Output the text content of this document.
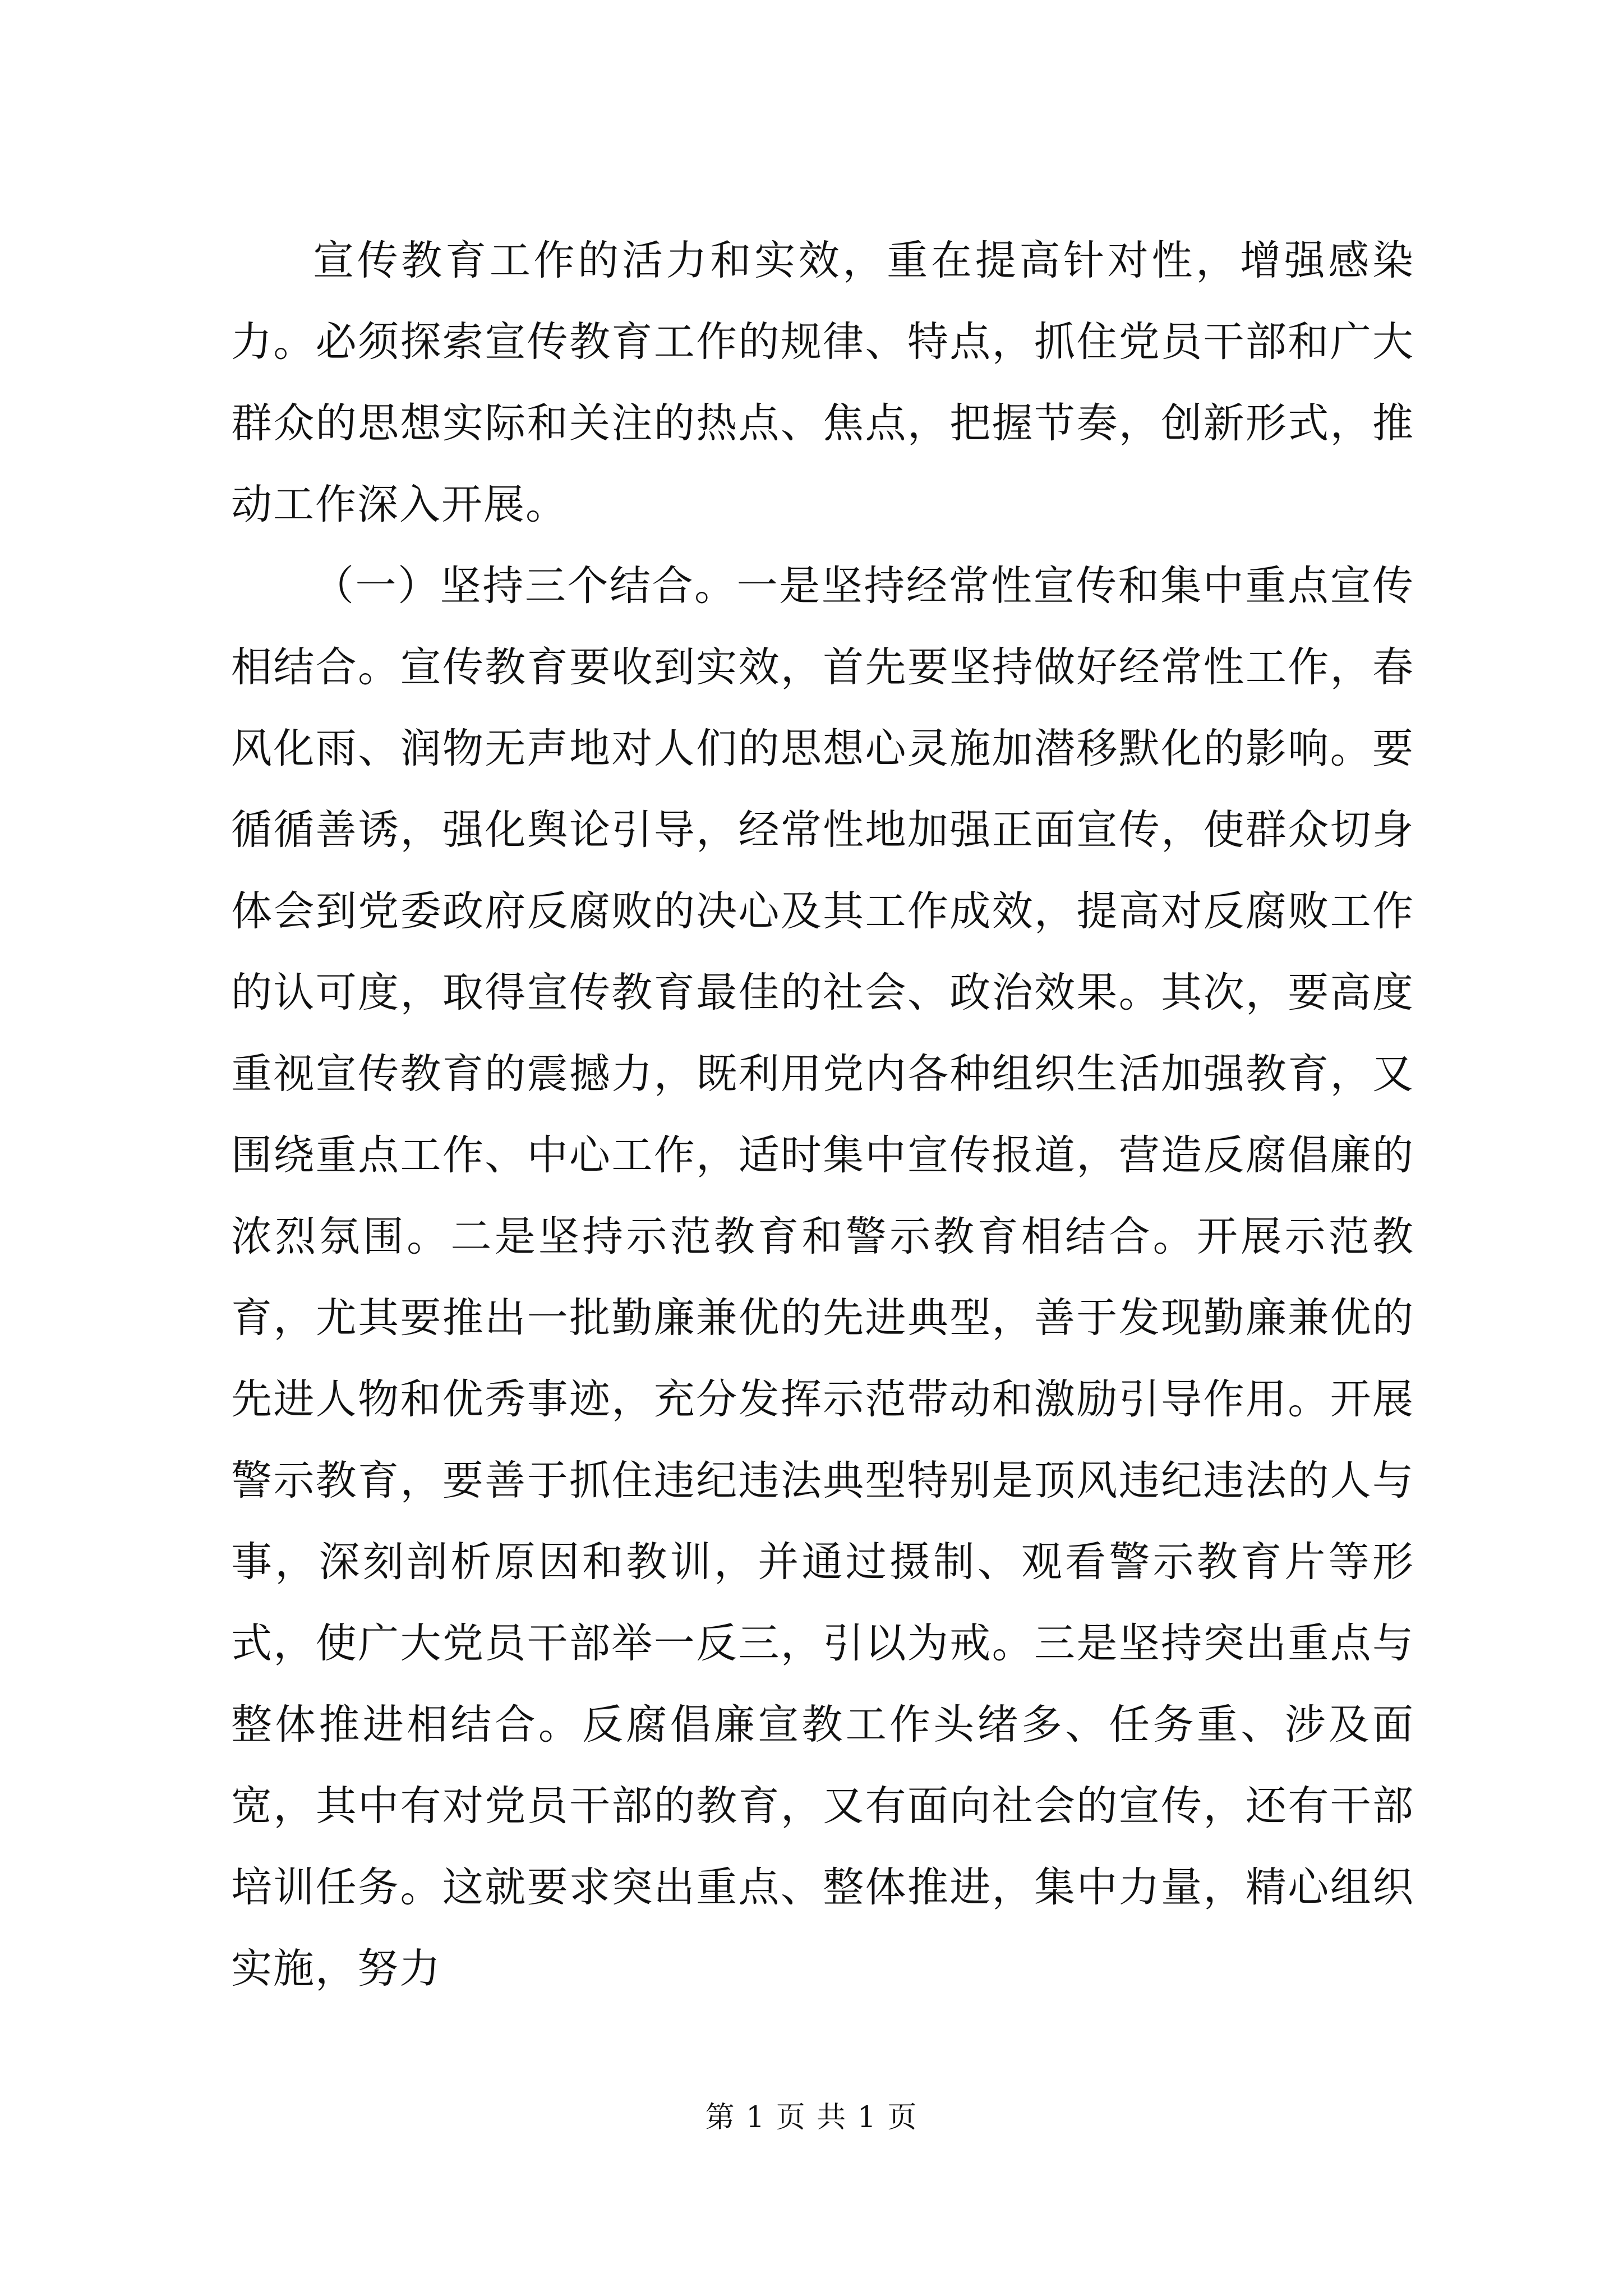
宣传教育工作的活力和实效，重在提高针对性，增强感染力。必须探索宣传教育工作的规律、特点，抓住党员干部和广大群众的思想实际和关注的热点、焦点，把握节奏，创新形式，推动工作深入开展。

（一）坚持三个结合。一是坚持经常性宣传和集中重点宣传相结合。宣传教育要收到实效，首先要坚持做好经常性工作，春风化雨、润物无声地对人们的思想心灵施加潜移默化的影响。要循循善诱，强化舆论引导，经常性地加强正面宣传，使群众切身体会到党委政府反腐败的决心及其工作成效，提高对反腐败工作的认可度，取得宣传教育最佳的社会、政治效果。其次，要高度重视宣传教育的震撼力，既利用党内各种组织生活加强教育，又围绕重点工作、中心工作，适时集中宣传报道，营造反腐倡廉的浓烈氛围。二是坚持示范教育和警示教育相结合。开展示范教育，尤其要推出一批勤廉兼优的先进典型，善于发现勤廉兼优的先进人物和优秀事迹，充分发挥示范带动和激励引导作用。开展警示教育，要善于抓住违纪违法典型特别是顶风违纪违法的人与事，深刻剖析原因和教训，并通过摄制、观看警示教育片等形式，使广大党员干部举一反三，引以为戒。三是坚持突出重点与整体推进相结合。反腐倡廉宣教工作头绪多、任务重、涉及面宽，其中有对党员干部的教育，又有面向社会的宣传，还有干部培训任务。这就要求突出重点、整体推进，集中力量，精心组织实施，努力

第 1 页 共 1 页
